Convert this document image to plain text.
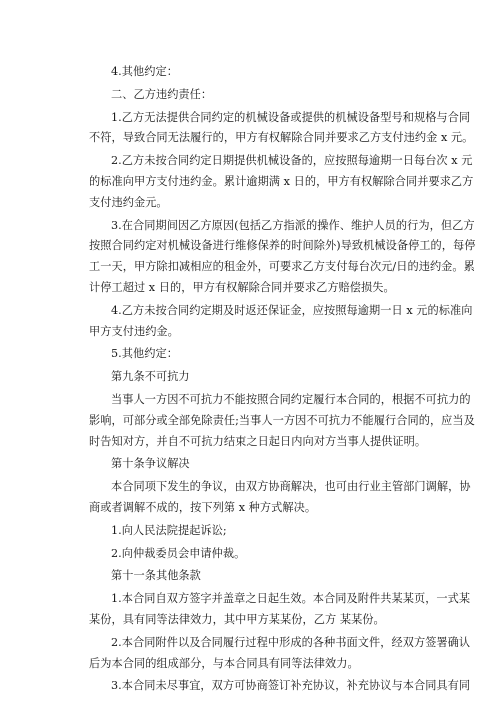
4.其他约定：
二、乙方违约责任：
1.乙方无法提供合同约定的机械设备或提供的机械设备型号和规格与合同
不符，导致合同无法履行的，甲方有权解除合同并要求乙方支付违约金 x 元。
2.乙方未按合同约定日期提供机械设备的，应按照每逾期一日每台次 x 元
的标准向甲方支付违约金。累计逾期满 x 日的，甲方有权解除合同并要求乙方
支付违约金元。
3.在合同期间因乙方原因(包括乙方指派的操作、维护人员的行为，但乙方
按照合同约定对机械设备进行维修保养的时间除外)导致机械设备停工的，每停
工一天，甲方除扣减相应的租金外，可要求乙方支付每台次元/日的违约金。累
计停工超过 x 日的，甲方有权解除合同并要求乙方赔偿损失。
4.乙方未按合同约定期及时返还保证金，应按照每逾期一日 x 元的标准向
甲方支付违约金。
5.其他约定：
第九条不可抗力
当事人一方因不可抗力不能按照合同约定履行本合同的，根据不可抗力的
影响，可部分或全部免除责任;当事人一方因不可抗力不能履行合同的，应当及
时告知对方，并自不可抗力结束之日起日内向对方当事人提供证明。
第十条争议解决
本合同项下发生的争议，由双方协商解决，也可由行业主管部门调解，协
商或者调解不成的，按下列第 x 种方式解决。
1.向人民法院提起诉讼;
2.向仲裁委员会申请仲裁。
第十一条其他条款
1.本合同自双方签字并盖章之日起生效。本合同及附件共某某页，一式某
某份，具有同等法律效力，其中甲方某某份，乙方 某某份。
2.本合同附件以及合同履行过程中形成的各种书面文件，经双方签署确认
后为本合同的组成部分，与本合同具有同等法律效力。
3.本合同未尽事宜，双方可协商签订补充协议，补充协议与本合同具有同
